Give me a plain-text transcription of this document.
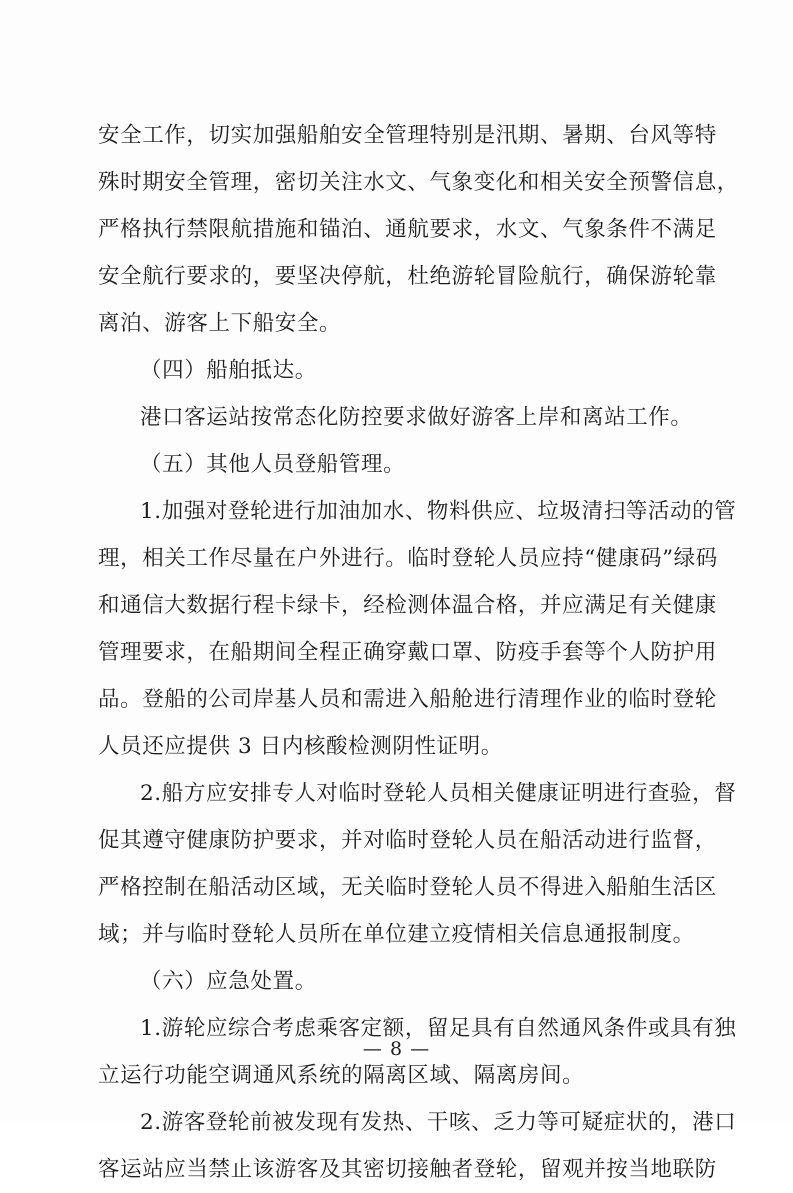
安全工作，切实加强船舶安全管理特别是汛期、暑期、台风等特
殊时期安全管理，密切关注水文、气象变化和相关安全预警信息，
严格执行禁限航措施和锚泊、通航要求，水文、气象条件不满足
安全航行要求的，要坚决停航，杜绝游轮冒险航行，确保游轮靠
离泊、游客上下船安全。
（四）船舶抵达。
港口客运站按常态化防控要求做好游客上岸和离站工作。
（五）其他人员登船管理。
1.加强对登轮进行加油加水、物料供应、垃圾清扫等活动的管
理，相关工作尽量在户外进行。临时登轮人员应持“健康码”绿码
和通信大数据行程卡绿卡，经检测体温合格，并应满足有关健康
管理要求，在船期间全程正确穿戴口罩、防疫手套等个人防护用
品。登船的公司岸基人员和需进入船舱进行清理作业的临时登轮
人员还应提供 3 日内核酸检测阴性证明。
2.船方应安排专人对临时登轮人员相关健康证明进行查验，督
促其遵守健康防护要求，并对临时登轮人员在船活动进行监督，
严格控制在船活动区域，无关临时登轮人员不得进入船舶生活区
域；并与临时登轮人员所在单位建立疫情相关信息通报制度。
（六）应急处置。
1.游轮应综合考虑乘客定额，留足具有自然通风条件或具有独
立运行功能空调通风系统的隔离区域、隔离房间。
2.游客登轮前被发现有发热、干咳、乏力等可疑症状的，港口
客运站应当禁止该游客及其密切接触者登轮，留观并按当地联防
— 8 —
